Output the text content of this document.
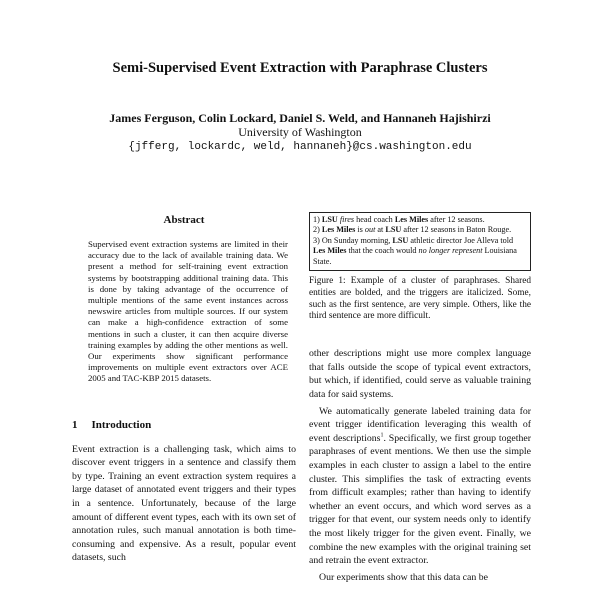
Semi-Supervised Event Extraction with Paraphrase Clusters
James Ferguson, Colin Lockard, Daniel S. Weld, and Hannaneh Hajishirzi
University of Washington
{jfferg, lockardc, weld, hannaneh}@cs.washington.edu
Abstract
Supervised event extraction systems are limited in their accuracy due to the lack of available training data. We present a method for self-training event extraction systems by bootstrapping additional training data. This is done by taking advantage of the occurrence of multiple mentions of the same event instances across newswire articles from multiple sources. If our system can make a high-confidence extraction of some mentions in such a cluster, it can then acquire diverse training examples by adding the other mentions as well. Our experiments show significant performance improvements on multiple event extractors over ACE 2005 and TAC-KBP 2015 datasets.
1 Introduction
Event extraction is a challenging task, which aims to discover event triggers in a sentence and classify them by type. Training an event extraction system requires a large dataset of annotated event triggers and their types in a sentence. Unfortunately, because of the large amount of different event types, each with its own set of annotation rules, such manual annotation is both time-consuming and expensive. As a result, popular event datasets, such

1) LSU fires head coach Les Miles after 12 seasons.

2) Les Miles is out at LSU after 12 seasons in Baton Rouge.

3) On Sunday morning, LSU athletic director Joe Alleva told Les Miles that the coach would no longer represent Louisiana State.

Figure 1: Example of a cluster of paraphrases. Shared entities are bolded, and the triggers are italicized. Some, such as the first sentence, are very simple. Others, like the third sentence are more difficult.

other descriptions might use more complex language that falls outside the scope of typical event extractors, but which, if identified, could serve as valuable training data for said systems.

We automatically generate labeled training data for event trigger identification leveraging this wealth of event descriptions$^1$. Specifically, we first group together paraphrases of event mentions. We then use the simple examples in each cluster to assign a label to the entire cluster. This simplifies the task of extracting events from difficult examples; rather than having to identify whether an event occurs, and which word serves as a trigger for that event, our system needs only to identify the most likely trigger for the given event. Finally, we combine the new examples with the original training set and retrain the event extractor.

Our experiments show that this data can be
